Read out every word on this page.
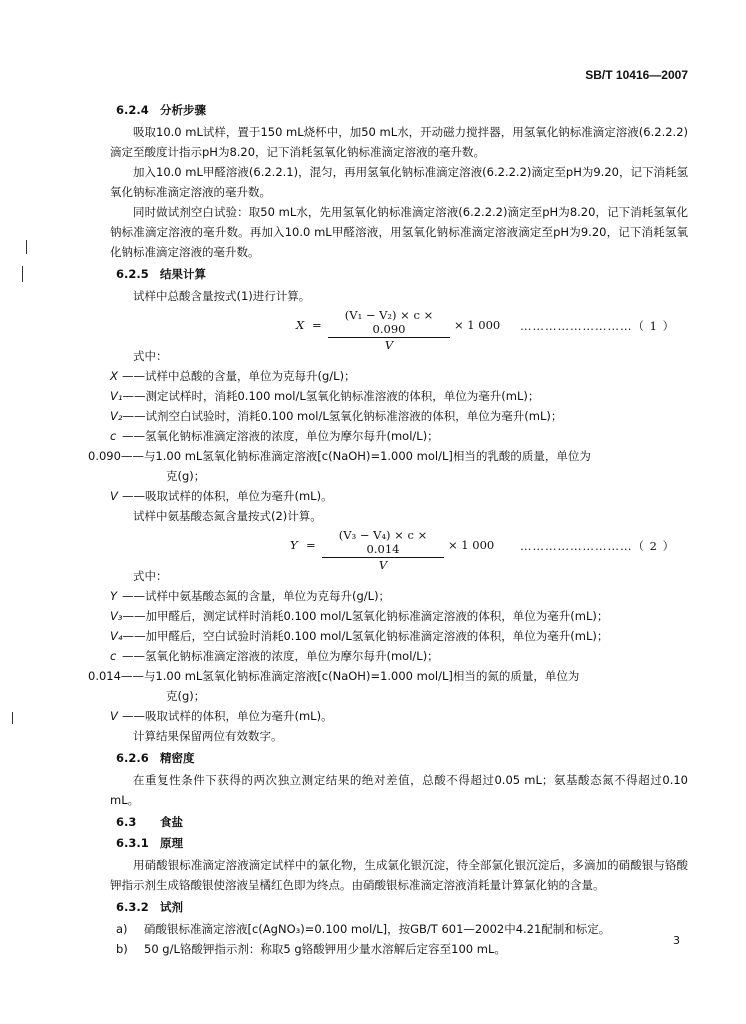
SB/T 10416—2007
6.2.4 分析步骤

吸取10.0 mL试样，置于150 mL烧杯中，加50 mL水，开动磁力搅拌器，用氢氧化钠标准滴定溶液(6.2.2.2)滴定至酸度计指示pH为8.20，记下消耗氢氧化钠标准滴定溶液的毫升数。

加入10.0 mL甲醛溶液(6.2.2.1)，混匀，再用氢氧化钠标准滴定溶液(6.2.2.2)滴定至pH为9.20，记下消耗氢氧化钠标准滴定溶液的毫升数。

同时做试剂空白试验：取50 mL水，先用氢氧化钠标准滴定溶液(6.2.2.2)滴定至pH为8.20，记下消耗氢氧化钠标准滴定溶液的毫升数。再加入10.0 mL甲醛溶液，用氢氧化钠标准滴定溶液滴定至pH为9.20，记下消耗氢氧化钠标准滴定溶液的毫升数。

6.2.5 结果计算

试样中总酸含量按式(1)进行计算。

$X = \frac{\text{(V₁ − V₂) × c × 0.090}}{V} \times 1$ 000 ………………………（ 1 ）

式中：

X —— 试样中总酸的含量，单位为克每升(g/L)；
V₁ —— 测定试样时，消耗0.100 mol/L氢氧化钠标准溶液的体积，单位为毫升(mL)；
V₂ —— 试剂空白试验时，消耗0.100 mol/L氢氧化钠标准溶液的体积，单位为毫升(mL)；
c —— 氢氧化钠标准滴定溶液的浓度，单位为摩尔每升(mol/L)；
0.090 —— 与1.00 mL氢氧化钠标准滴定溶液[c(NaOH)=1.000 mol/L]相当的乳酸的质量，单位为
克(g)；
V —— 吸取试样的体积，单位为毫升(mL)。

试样中氨基酸态氮含量按式(2)计算。

$Y = \frac{\text{(V₃ − V₄) × c × 0.014}}{V} \times 1$ 000 ………………………（ 2 ）

式中：

Y —— 试样中氨基酸态氮的含量，单位为克每升(g/L)；
V₃ —— 加甲醛后，测定试样时消耗0.100 mol/L氢氧化钠标准滴定溶液的体积，单位为毫升(mL)；
V₄ —— 加甲醛后，空白试验时消耗0.100 mol/L氢氧化钠标准滴定溶液的体积，单位为毫升(mL)；
c —— 氢氧化钠标准滴定溶液的浓度，单位为摩尔每升(mol/L)；
0.014 —— 与1.00 mL氢氧化钠标准滴定溶液[c(NaOH)=1.000 mol/L]相当的氮的质量，单位为
克(g)；
V —— 吸取试样的体积，单位为毫升(mL)。

计算结果保留两位有效数字。

6.2.6 精密度

在重复性条件下获得的两次独立测定结果的绝对差值，总酸不得超过0.05 mL；氨基酸态氮不得超过0.10 mL。

6.3 食盐
6.3.1 原理

用硝酸银标准滴定溶液滴定试样中的氯化物，生成氯化银沉淀，待全部氯化银沉淀后，多滴加的硝酸银与铬酸钾指示剂生成铬酸银使溶液呈橘红色即为终点。由硝酸银标准滴定溶液消耗量计算氯化钠的含量。

6.3.2 试剂
a)	硝酸银标准滴定溶液[c(AgNO₃)=0.100 mol/L]，按GB/T 601—2002中4.21配制和标定。
b)	50 g/L铬酸钾指示剂：称取5 g铬酸钾用少量水溶解后定容至100 mL。
3
